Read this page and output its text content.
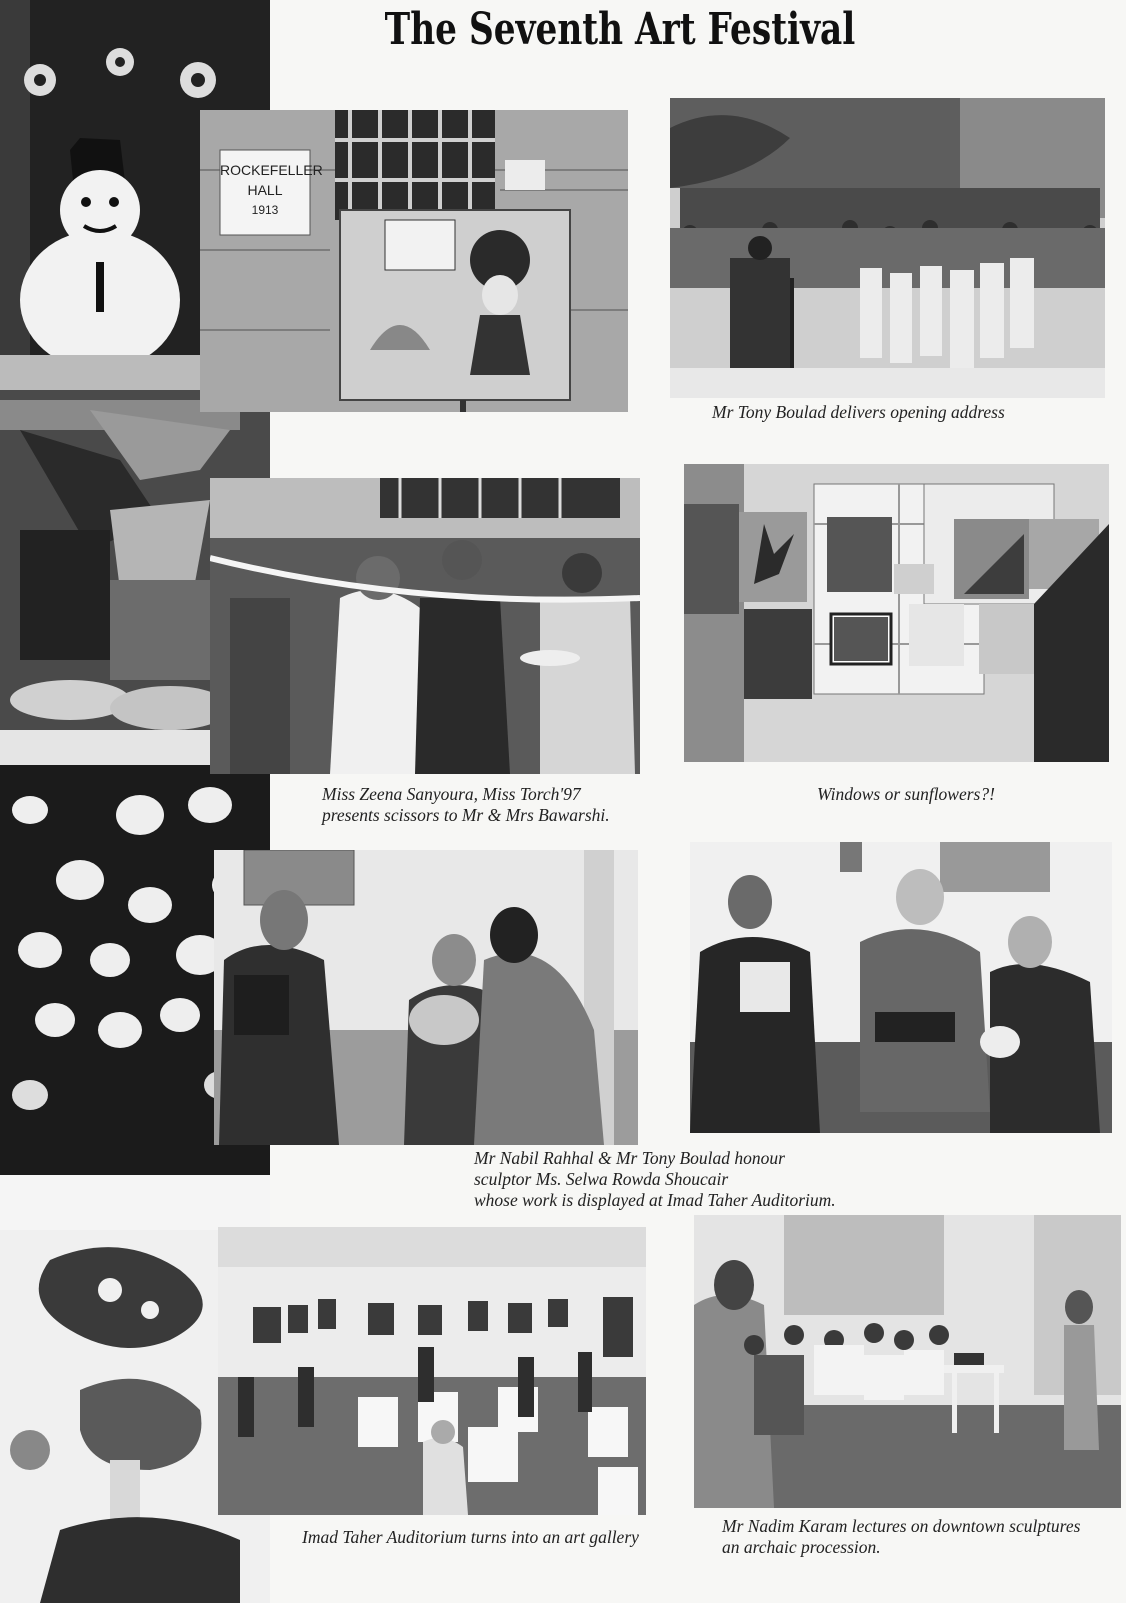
The Seventh Art Festival
ROCKEFELLER
HALL
1913
Mr Tony Boulad delivers opening address
Miss Zeena Sanyoura, Miss Torch'97
presents scissors to Mr & Mrs Bawarshi.
Windows or sunflowers?!
Mr Nabil Rahhal & Mr Tony Boulad honour
sculptor Ms. Selwa Rowda Shoucair
whose work is displayed at Imad Taher Auditorium.
Imad Taher Auditorium turns into an art gallery
Mr Nadim Karam lectures on downtown sculptures
an archaic procession.
